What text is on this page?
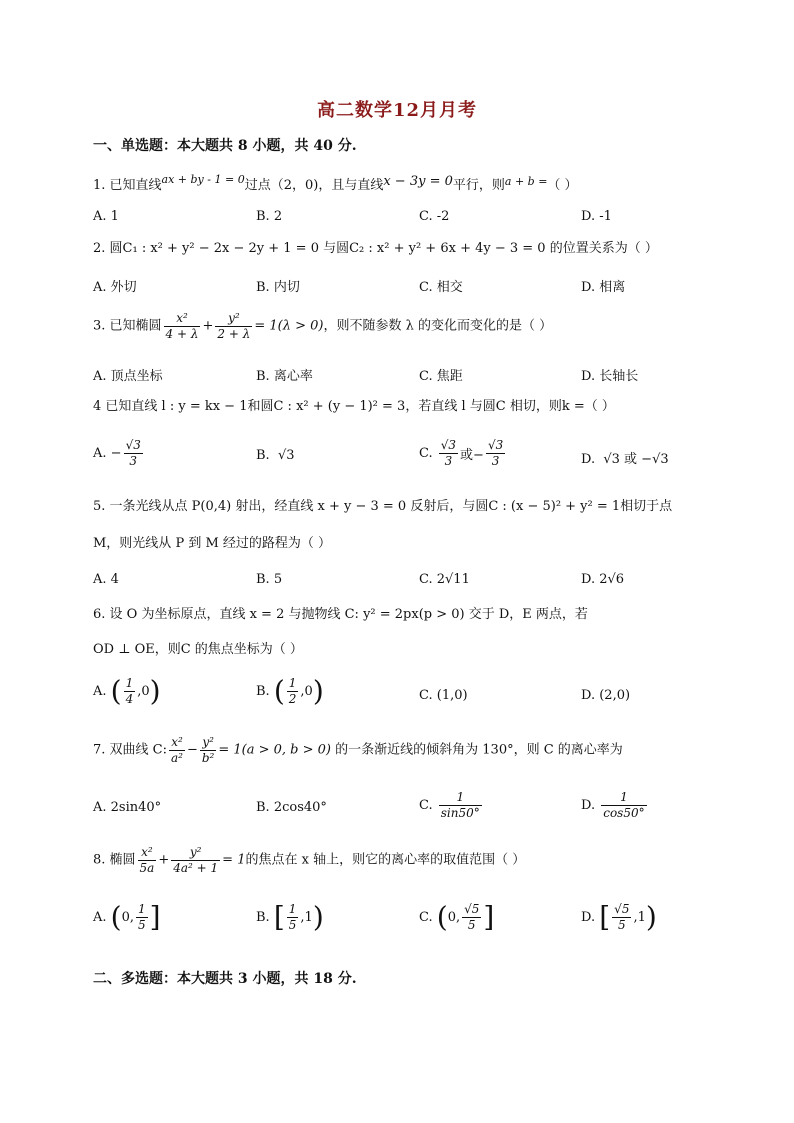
高二数学12月月考
一、单选题：本大题共 8 小题，共 40 分.
1. 已知直线$^{ax + by - 1 = 0}$过点（2，0)，且与直线x − 3y = 0平行，则$^{a + b =}$（ ）
A. 1	B. 2	C. -2	D. -1
2. 圆C₁ : x² + y² − 2x − 2y + 1 = 0 与圆C₂ : x² + y² + 6x + 4y − 3 = 0 的位置关系为（ ）
A. 外切	B. 内切	C. 相交	D. 相离
3. 已知椭圆 $\frac{\text{x²}}{4 + \lambda} + \frac{\text{y²}}{2 + \lambda} = 1(\lambda > 0)$，则不随参数 λ 的变化而变化的是（ ）
A. 顶点坐标	B. 离心率	C. 焦距	D. 长轴长
4 已知直线 l : y = kx − 1和圆C : x² + (y − 1)² = 3，若直线 l 与圆C 相切，则k =（ ）
A. − $\frac{√3}{3}$	B. √3	C. $\frac{√3}{3}$ 或− $\frac{√3}{3}$	D. √3 或 −√3
5. 一条光线从点 P(0,4) 射出，经直线 x + y − 3 = 0 反射后，与圆C : (x − 5)² + y² = 1相切于点
M，则光线从 P 到 M 经过的路程为（ ）
A. 4	B. 5	C. 2√11	D. 2√6
6. 设 O 为坐标原点，直线 x = 2 与抛物线 C: y² = 2px(p > 0) 交于 D，E 两点，若
OD ⊥ OE，则C 的焦点坐标为（ ）
A. ( $\frac{1}{4} ,0$)	B. ( $\frac{1}{2} ,0$)	C. (1,0)	D. (2,0)
7. 双曲线 C: $\frac{\text{x²}}{\text{a²}} - \frac{\text{y²}}{\text{b²}} = 1(a > 0$, b > 0) 的一条渐近线的倾斜角为 130°，则 C 的离心率为
A. 2sin40°	B. 2cos40°	C. $\frac{1}{\sin 50^\circ}$	D. $\frac{1}{\cos 50^\circ}$
8. 椭圆 $\frac{\text{x²}}{5a} + \frac{\text{y²}}{\text{4a² + 1}} = 1$的焦点在 x 轴上，则它的离心率的取值范围（ ）
A. (0, $\frac{1}{5}$ ]	B. [ $\frac{1}{5} ,1$)	C. (0, $\frac{√5}{5}$ ]	D. [ $\frac{√5}{5} ,1$)
二、多选题：本大题共 3 小题，共 18 分.
